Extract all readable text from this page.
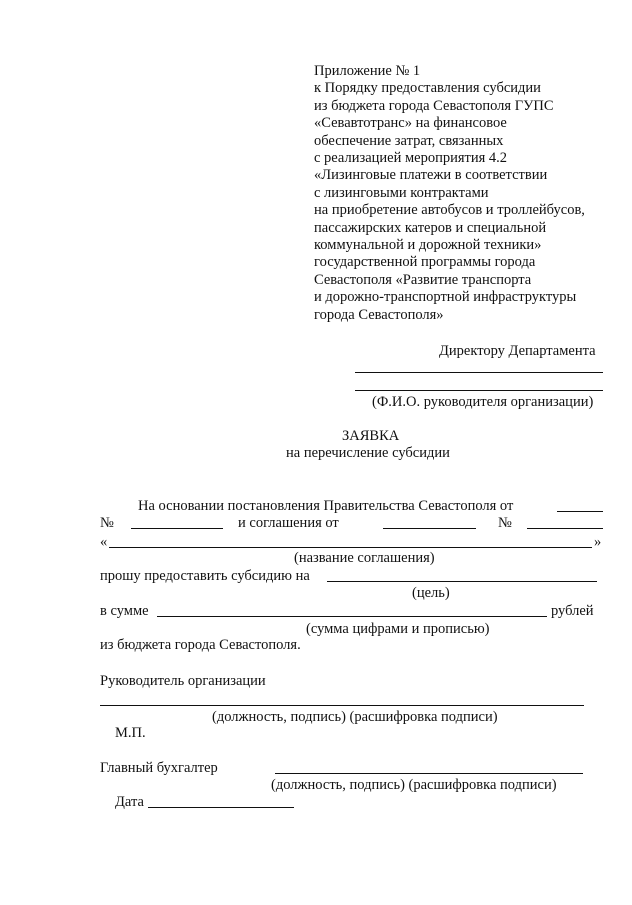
Приложение № 1
к Порядку предоставления субсидии
из бюджета города Севастополя ГУПС
«Севавтотранс» на финансовое
обеспечение затрат, связанных
с реализацией мероприятия 4.2
«Лизинговые платежи в соответствии
с лизинговыми контрактами
на приобретение автобусов и троллейбусов,
пассажирских катеров и специальной
коммунальной и дорожной техники»
государственной программы города
Севастополя «Развитие транспорта
и дорожно-транспортной инфраструктуры
города Севастополя»
Директору Департамента
(Ф.И.О. руководителя организации)
ЗАЯВКА
на перечисление субсидии
На основании постановления Правительства Севастополя от
№	и соглашения от	№
«	»
(название соглашения)
прошу предоставить субсидию на
(цель)
в сумме	рублей
(сумма цифрами и прописью)
из бюджета города Севастополя.
Руководитель организации
(должность, подпись) (расшифровка подписи)
М.П.
Главный бухгалтер
(должность, подпись) (расшифровка подписи)
Дата
